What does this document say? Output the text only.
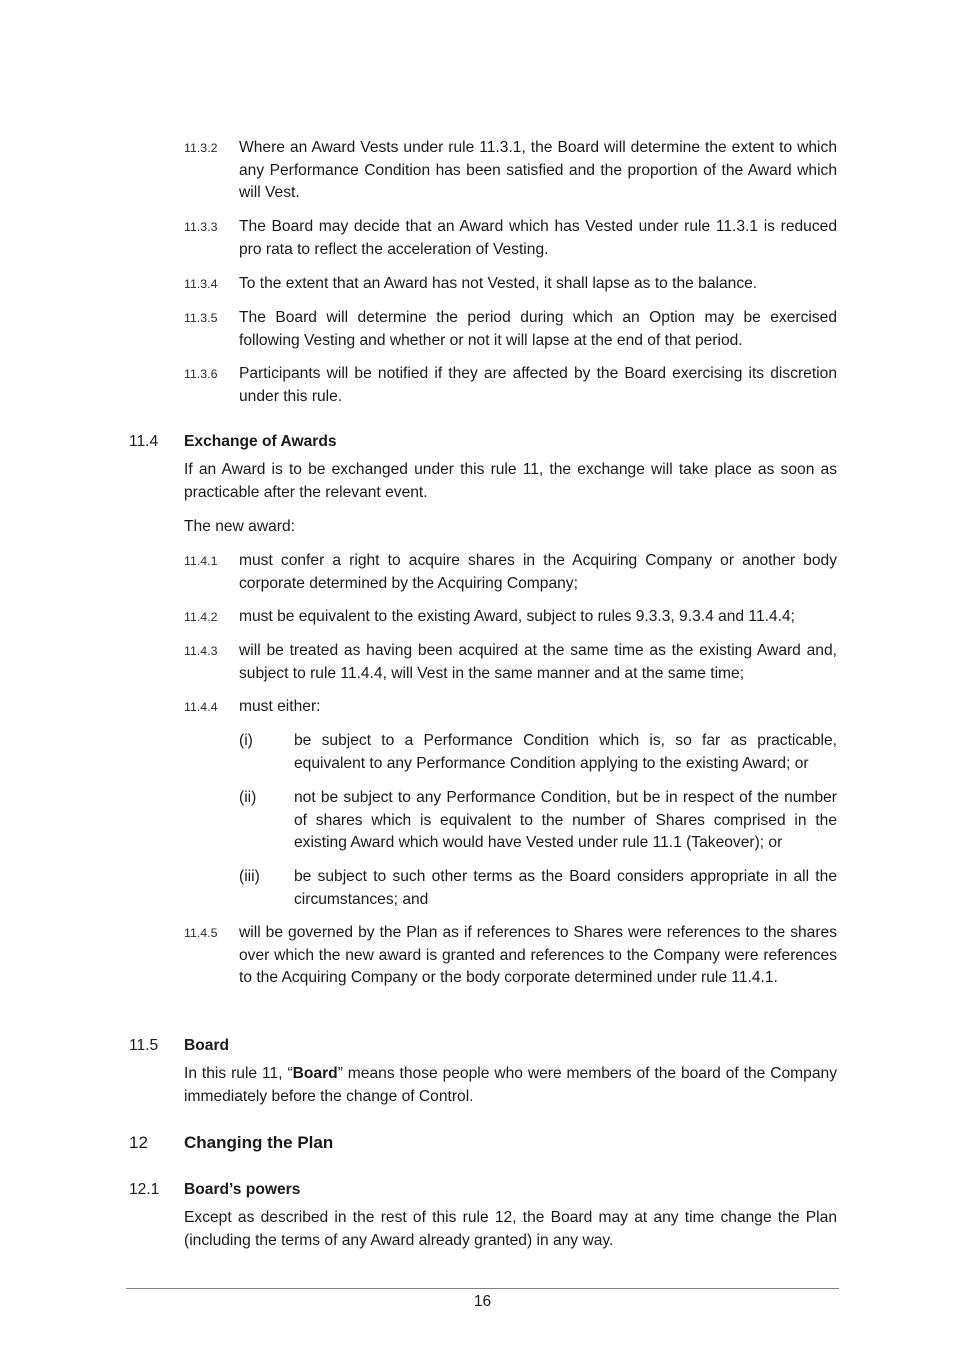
11.3.2 Where an Award Vests under rule 11.3.1, the Board will determine the extent to which any Performance Condition has been satisfied and the proportion of the Award which will Vest.

11.3.3 The Board may decide that an Award which has Vested under rule 11.3.1 is reduced pro rata to reflect the acceleration of Vesting.

11.3.4 To the extent that an Award has not Vested, it shall lapse as to the balance.

11.3.5 The Board will determine the period during which an Option may be exercised following Vesting and whether or not it will lapse at the end of that period.

11.3.6 Participants will be notified if they are affected by the Board exercising its discretion under this rule.

11.4 Exchange of Awards

If an Award is to be exchanged under this rule 11, the exchange will take place as soon as practicable after the relevant event.

The new award:

11.4.1 must confer a right to acquire shares in the Acquiring Company or another body corporate determined by the Acquiring Company;

11.4.2 must be equivalent to the existing Award, subject to rules 9.3.3, 9.3.4 and 11.4.4;

11.4.3 will be treated as having been acquired at the same time as the existing Award and, subject to rule 11.4.4, will Vest in the same manner and at the same time;

11.4.4 must either:

(i)	be subject to a Performance Condition which is, so far as practicable, equivalent to any Performance Condition applying to the existing Award; or

(ii) not be subject to any Performance Condition, but be in respect of the number of shares which is equivalent to the number of Shares comprised in the existing Award which would have Vested under rule 11.1 (Takeover); or

(iii) be subject to such other terms as the Board considers appropriate in all the circumstances; and

11.4.5 will be governed by the Plan as if references to Shares were references to the shares over which the new award is granted and references to the Company were references to the Acquiring Company or the body corporate determined under rule 11.4.1.

11.5 Board

In this rule 11, “Board” means those people who were members of the board of the Company immediately before the change of Control.

12 Changing the Plan
12.1 Board’s powers

Except as described in the rest of this rule 12, the Board may at any time change the Plan (including the terms of any Award already granted) in any way.

16
